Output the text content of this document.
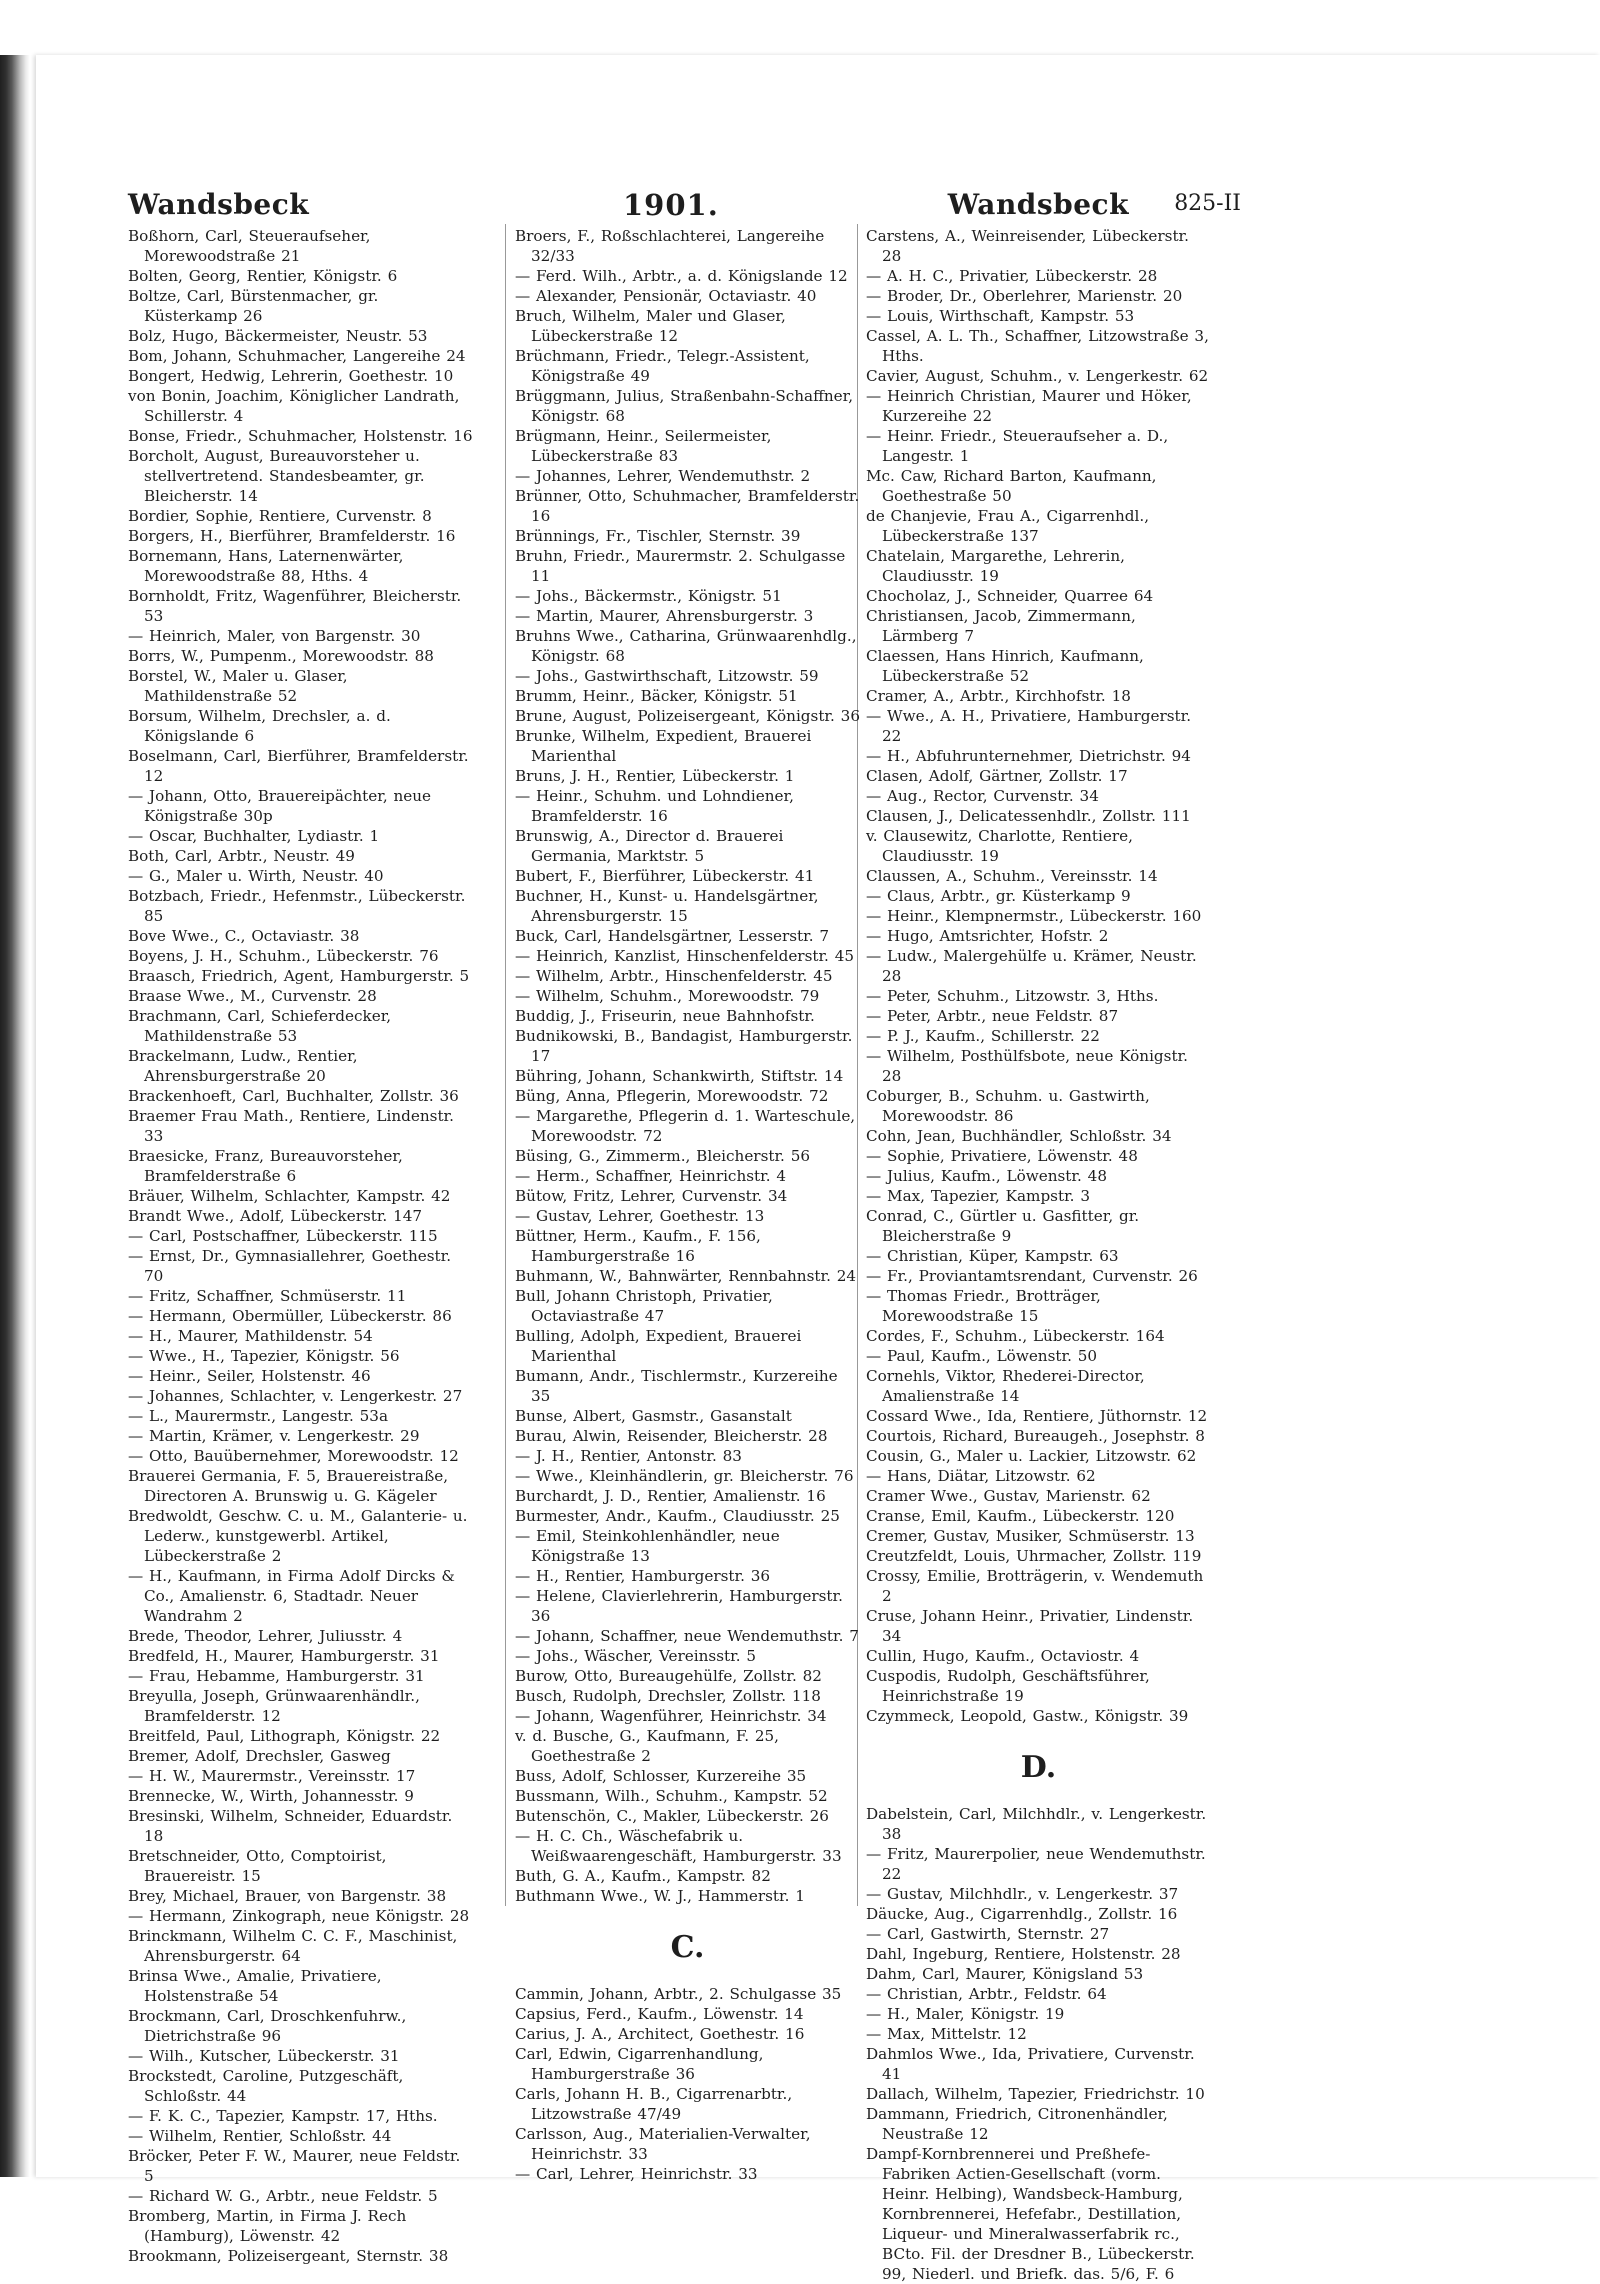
Wandsbeck	1901.	Wandsbeck 825-II
Boßhorn, Carl, Steueraufseher, Morewoodstraße 21
Bolten, Georg, Rentier, Königstr. 6
Boltze, Carl, Bürstenmacher, gr. Küsterkamp 26
Bolz, Hugo, Bäckermeister, Neustr. 53
Bom, Johann, Schuhmacher, Langereihe 24
Bongert, Hedwig, Lehrerin, Goethestr. 10
von Bonin, Joachim, Königlicher Landrath, Schillerstr. 4
Bonse, Friedr., Schuhmacher, Holstenstr. 16
Borcholt, August, Bureauvorsteher u. stellvertretend. Standesbeamter, gr. Bleicherstr. 14
Bordier, Sophie, Rentiere, Curvenstr. 8
Borgers, H., Bierführer, Bramfelderstr. 16
Bornemann, Hans, Laternenwärter, Morewoodstraße 88, Hths. 4
Bornholdt, Fritz, Wagenführer, Bleicherstr. 53
— Heinrich, Maler, von Bargenstr. 30
Borrs, W., Pumpenm., Morewoodstr. 88
Borstel, W., Maler u. Glaser, Mathildenstraße 52
Borsum, Wilhelm, Drechsler, a. d. Königslande 6
Boselmann, Carl, Bierführer, Bramfelderstr. 12
— Johann, Otto, Brauereipächter, neue Königstraße 30p
— Oscar, Buchhalter, Lydiastr. 1
Both, Carl, Arbtr., Neustr. 49
— G., Maler u. Wirth, Neustr. 40
Botzbach, Friedr., Hefenmstr., Lübeckerstr. 85
Bove Wwe., C., Octaviastr. 38
Boyens, J. H., Schuhm., Lübeckerstr. 76
Braasch, Friedrich, Agent, Hamburgerstr. 5
Braase Wwe., M., Curvenstr. 28
Brachmann, Carl, Schieferdecker, Mathildenstraße 53
Brackelmann, Ludw., Rentier, Ahrensburgerstraße 20
Brackenhoeft, Carl, Buchhalter, Zollstr. 36
Braemer Frau Math., Rentiere, Lindenstr. 33
Braesicke, Franz, Bureauvorsteher, Bramfelderstraße 6
Bräuer, Wilhelm, Schlachter, Kampstr. 42
Brandt Wwe., Adolf, Lübeckerstr. 147
— Carl, Postschaffner, Lübeckerstr. 115
— Ernst, Dr., Gymnasiallehrer, Goethestr. 70
— Fritz, Schaffner, Schmüserstr. 11
— Hermann, Obermüller, Lübeckerstr. 86
— H., Maurer, Mathildenstr. 54
— Wwe., H., Tapezier, Königstr. 56
— Heinr., Seiler, Holstenstr. 46
— Johannes, Schlachter, v. Lengerkestr. 27
— L., Maurermstr., Langestr. 53a
— Martin, Krämer, v. Lengerkestr. 29
— Otto, Bauübernehmer, Morewoodstr. 12
Brauerei Germania, F. 5, Brauereistraße, Directoren A. Brunswig u. G. Kägeler
Bredwoldt, Geschw. C. u. M., Galanterie- u. Lederw., kunstgewerbl. Artikel, Lübeckerstraße 2
— H., Kaufmann, in Firma Adolf Dircks & Co., Amalienstr. 6, Stadtadr. Neuer Wandrahm 2
Brede, Theodor, Lehrer, Juliusstr. 4
Bredfeld, H., Maurer, Hamburgerstr. 31
— Frau, Hebamme, Hamburgerstr. 31
Breyulla, Joseph, Grünwaarenhändlr., Bramfelderstr. 12
Breitfeld, Paul, Lithograph, Königstr. 22
Bremer, Adolf, Drechsler, Gasweg
— H. W., Maurermstr., Vereinsstr. 17
Brennecke, W., Wirth, Johannesstr. 9
Bresinski, Wilhelm, Schneider, Eduardstr. 18
Bretschneider, Otto, Comptoirist, Brauereistr. 15
Brey, Michael, Brauer, von Bargenstr. 38
— Hermann, Zinkograph, neue Königstr. 28
Brinckmann, Wilhelm C. C. F., Maschinist, Ahrensburgerstr. 64
Brinsa Wwe., Amalie, Privatiere, Holstenstraße 54
Brockmann, Carl, Droschkenfuhrw., Dietrichstraße 96
— Wilh., Kutscher, Lübeckerstr. 31
Brockstedt, Caroline, Putzgeschäft, Schloßstr. 44
— F. K. C., Tapezier, Kampstr. 17, Hths.
— Wilhelm, Rentier, Schloßstr. 44
Bröcker, Peter F. W., Maurer, neue Feldstr. 5
— Richard W. G., Arbtr., neue Feldstr. 5
Bromberg, Martin, in Firma J. Rech (Hamburg), Löwenstr. 42
Brookmann, Polizeisergeant, Sternstr. 38
Broers, F., Roßschlachterei, Langereihe 32/33
— Ferd. Wilh., Arbtr., a. d. Königslande 12
— Alexander, Pensionär, Octaviastr. 40
Bruch, Wilhelm, Maler und Glaser, Lübeckerstraße 12
Brüchmann, Friedr., Telegr.-Assistent, Königstraße 49
Brüggmann, Julius, Straßenbahn-Schaffner, Königstr. 68
Brügmann, Heinr., Seilermeister, Lübeckerstraße 83
— Johannes, Lehrer, Wendemuthstr. 2
Brünner, Otto, Schuhmacher, Bramfelderstr. 16
Brünnings, Fr., Tischler, Sternstr. 39
Bruhn, Friedr., Maurermstr. 2. Schulgasse 11
— Johs., Bäckermstr., Königstr. 51
— Martin, Maurer, Ahrensburgerstr. 3
Bruhns Wwe., Catharina, Grünwaarenhdlg., Königstr. 68
— Johs., Gastwirthschaft, Litzowstr. 59
Brumm, Heinr., Bäcker, Königstr. 51
Brune, August, Polizeisergeant, Königstr. 36
Brunke, Wilhelm, Expedient, Brauerei Marienthal
Bruns, J. H., Rentier, Lübeckerstr. 1
— Heinr., Schuhm. und Lohndiener, Bramfelderstr. 16
Brunswig, A., Director d. Brauerei Germania, Marktstr. 5
Bubert, F., Bierführer, Lübeckerstr. 41
Buchner, H., Kunst- u. Handelsgärtner, Ahrensburgerstr. 15
Buck, Carl, Handelsgärtner, Lesserstr. 7
— Heinrich, Kanzlist, Hinschenfelderstr. 45
— Wilhelm, Arbtr., Hinschenfelderstr. 45
— Wilhelm, Schuhm., Morewoodstr. 79
Buddig, J., Friseurin, neue Bahnhofstr.
Budnikowski, B., Bandagist, Hamburgerstr. 17
Bühring, Johann, Schankwirth, Stiftstr. 14
Büng, Anna, Pflegerin, Morewoodstr. 72
— Margarethe, Pflegerin d. 1. Warteschule, Morewoodstr. 72
Büsing, G., Zimmerm., Bleicherstr. 56
— Herm., Schaffner, Heinrichstr. 4
Bütow, Fritz, Lehrer, Curvenstr. 34
— Gustav, Lehrer, Goethestr. 13
Büttner, Herm., Kaufm., F. 156, Hamburgerstraße 16
Buhmann, W., Bahnwärter, Rennbahnstr. 24
Bull, Johann Christoph, Privatier, Octaviastraße 47
Bulling, Adolph, Expedient, Brauerei Marienthal
Bumann, Andr., Tischlermstr., Kurzereihe 35
Bunse, Albert, Gasmstr., Gasanstalt
Burau, Alwin, Reisender, Bleicherstr. 28
— J. H., Rentier, Antonstr. 83
— Wwe., Kleinhändlerin, gr. Bleicherstr. 76
Burchardt, J. D., Rentier, Amalienstr. 16
Burmester, Andr., Kaufm., Claudiusstr. 25
— Emil, Steinkohlenhändler, neue Königstraße 13
— H., Rentier, Hamburgerstr. 36
— Helene, Clavierlehrerin, Hamburgerstr. 36
— Johann, Schaffner, neue Wendemuthstr. 7
— Johs., Wäscher, Vereinsstr. 5
Burow, Otto, Bureaugehülfe, Zollstr. 82
Busch, Rudolph, Drechsler, Zollstr. 118
— Johann, Wagenführer, Heinrichstr. 34
v. d. Busche, G., Kaufmann, F. 25, Goethestraße 2
Buss, Adolf, Schlosser, Kurzereihe 35
Bussmann, Wilh., Schuhm., Kampstr. 52
Butenschön, C., Makler, Lübeckerstr. 26
— H. C. Ch., Wäschefabrik u. Weißwaarengeschäft, Hamburgerstr. 33
Buth, G. A., Kaufm., Kampstr. 82
Buthmann Wwe., W. J., Hammerstr. 1
C.
Cammin, Johann, Arbtr., 2. Schulgasse 35
Capsius, Ferd., Kaufm., Löwenstr. 14
Carius, J. A., Architect, Goethestr. 16
Carl, Edwin, Cigarrenhandlung, Hamburgerstraße 36
Carls, Johann H. B., Cigarrenarbtr., Litzowstraße 47/49
Carlsson, Aug., Materialien-Verwalter, Heinrichstr. 33
— Carl, Lehrer, Heinrichstr. 33
Carstens, A., Weinreisender, Lübeckerstr. 28
— A. H. C., Privatier, Lübeckerstr. 28
— Broder, Dr., Oberlehrer, Marienstr. 20
— Louis, Wirthschaft, Kampstr. 53
Cassel, A. L. Th., Schaffner, Litzowstraße 3, Hths.
Cavier, August, Schuhm., v. Lengerkestr. 62
— Heinrich Christian, Maurer und Höker, Kurzereihe 22
— Heinr. Friedr., Steueraufseher a. D., Langestr. 1
Mc. Caw, Richard Barton, Kaufmann, Goethestraße 50
de Chanjevie, Frau A., Cigarrenhdl., Lübeckerstraße 137
Chatelain, Margarethe, Lehrerin, Claudiusstr. 19
Chocholaz, J., Schneider, Quarree 64
Christiansen, Jacob, Zimmermann, Lärmberg 7
Claessen, Hans Hinrich, Kaufmann, Lübeckerstraße 52
Cramer, A., Arbtr., Kirchhofstr. 18
— Wwe., A. H., Privatiere, Hamburgerstr. 22
— H., Abfuhrunternehmer, Dietrichstr. 94
Clasen, Adolf, Gärtner, Zollstr. 17
— Aug., Rector, Curvenstr. 34
Clausen, J., Delicatessenhdlr., Zollstr. 111
v. Clausewitz, Charlotte, Rentiere, Claudiusstr. 19
Claussen, A., Schuhm., Vereinsstr. 14
— Claus, Arbtr., gr. Küsterkamp 9
— Heinr., Klempnermstr., Lübeckerstr. 160
— Hugo, Amtsrichter, Hofstr. 2
— Ludw., Malergehülfe u. Krämer, Neustr. 28
— Peter, Schuhm., Litzowstr. 3, Hths.
— Peter, Arbtr., neue Feldstr. 87
— P. J., Kaufm., Schillerstr. 22
— Wilhelm, Posthülfsbote, neue Königstr. 28
Coburger, B., Schuhm. u. Gastwirth, Morewoodstr. 86
Cohn, Jean, Buchhändler, Schloßstr. 34
— Sophie, Privatiere, Löwenstr. 48
— Julius, Kaufm., Löwenstr. 48
— Max, Tapezier, Kampstr. 3
Conrad, C., Gürtler u. Gasfitter, gr. Bleicherstraße 9
— Christian, Küper, Kampstr. 63
— Fr., Proviantamtsrendant, Curvenstr. 26
— Thomas Friedr., Brotträger, Morewoodstraße 15
Cordes, F., Schuhm., Lübeckerstr. 164
— Paul, Kaufm., Löwenstr. 50
Cornehls, Viktor, Rhederei-Director, Amalienstraße 14
Cossard Wwe., Ida, Rentiere, Jüthornstr. 12
Courtois, Richard, Bureaugeh., Josephstr. 8
Cousin, G., Maler u. Lackier, Litzowstr. 62
— Hans, Diätar, Litzowstr. 62
Cramer Wwe., Gustav, Marienstr. 62
Cranse, Emil, Kaufm., Lübeckerstr. 120
Cremer, Gustav, Musiker, Schmüserstr. 13
Creutzfeldt, Louis, Uhrmacher, Zollstr. 119
Crossy, Emilie, Brotträgerin, v. Wendemuth 2
Cruse, Johann Heinr., Privatier, Lindenstr. 34
Cullin, Hugo, Kaufm., Octaviostr. 4
Cuspodis, Rudolph, Geschäftsführer, Heinrichstraße 19
Czymmeck, Leopold, Gastw., Königstr. 39
D.
Dabelstein, Carl, Milchhdlr., v. Lengerkestr. 38
— Fritz, Maurerpolier, neue Wendemuthstr. 22
— Gustav, Milchhdlr., v. Lengerkestr. 37
Däucke, Aug., Cigarrenhdlg., Zollstr. 16
— Carl, Gastwirth, Sternstr. 27
Dahl, Ingeburg, Rentiere, Holstenstr. 28
Dahm, Carl, Maurer, Königsland 53
— Christian, Arbtr., Feldstr. 64
— H., Maler, Königstr. 19
— Max, Mittelstr. 12
Dahmlos Wwe., Ida, Privatiere, Curvenstr. 41
Dallach, Wilhelm, Tapezier, Friedrichstr. 10
Dammann, Friedrich, Citronenhändler, Neustraße 12
Dampf-Kornbrennerei und Preßhefe-Fabriken Actien-Gesellschaft (vorm. Heinr. Helbing), Wandsbeck-Hamburg, Kornbrennerei, Hefefabr., Destillation, Liqueur- und Mineralwasserfabrik rc., BCto. Fil. der Dresdner B., Lübeckerstr. 99, Niederl. und Briefk. das. 5/6, F. 6
